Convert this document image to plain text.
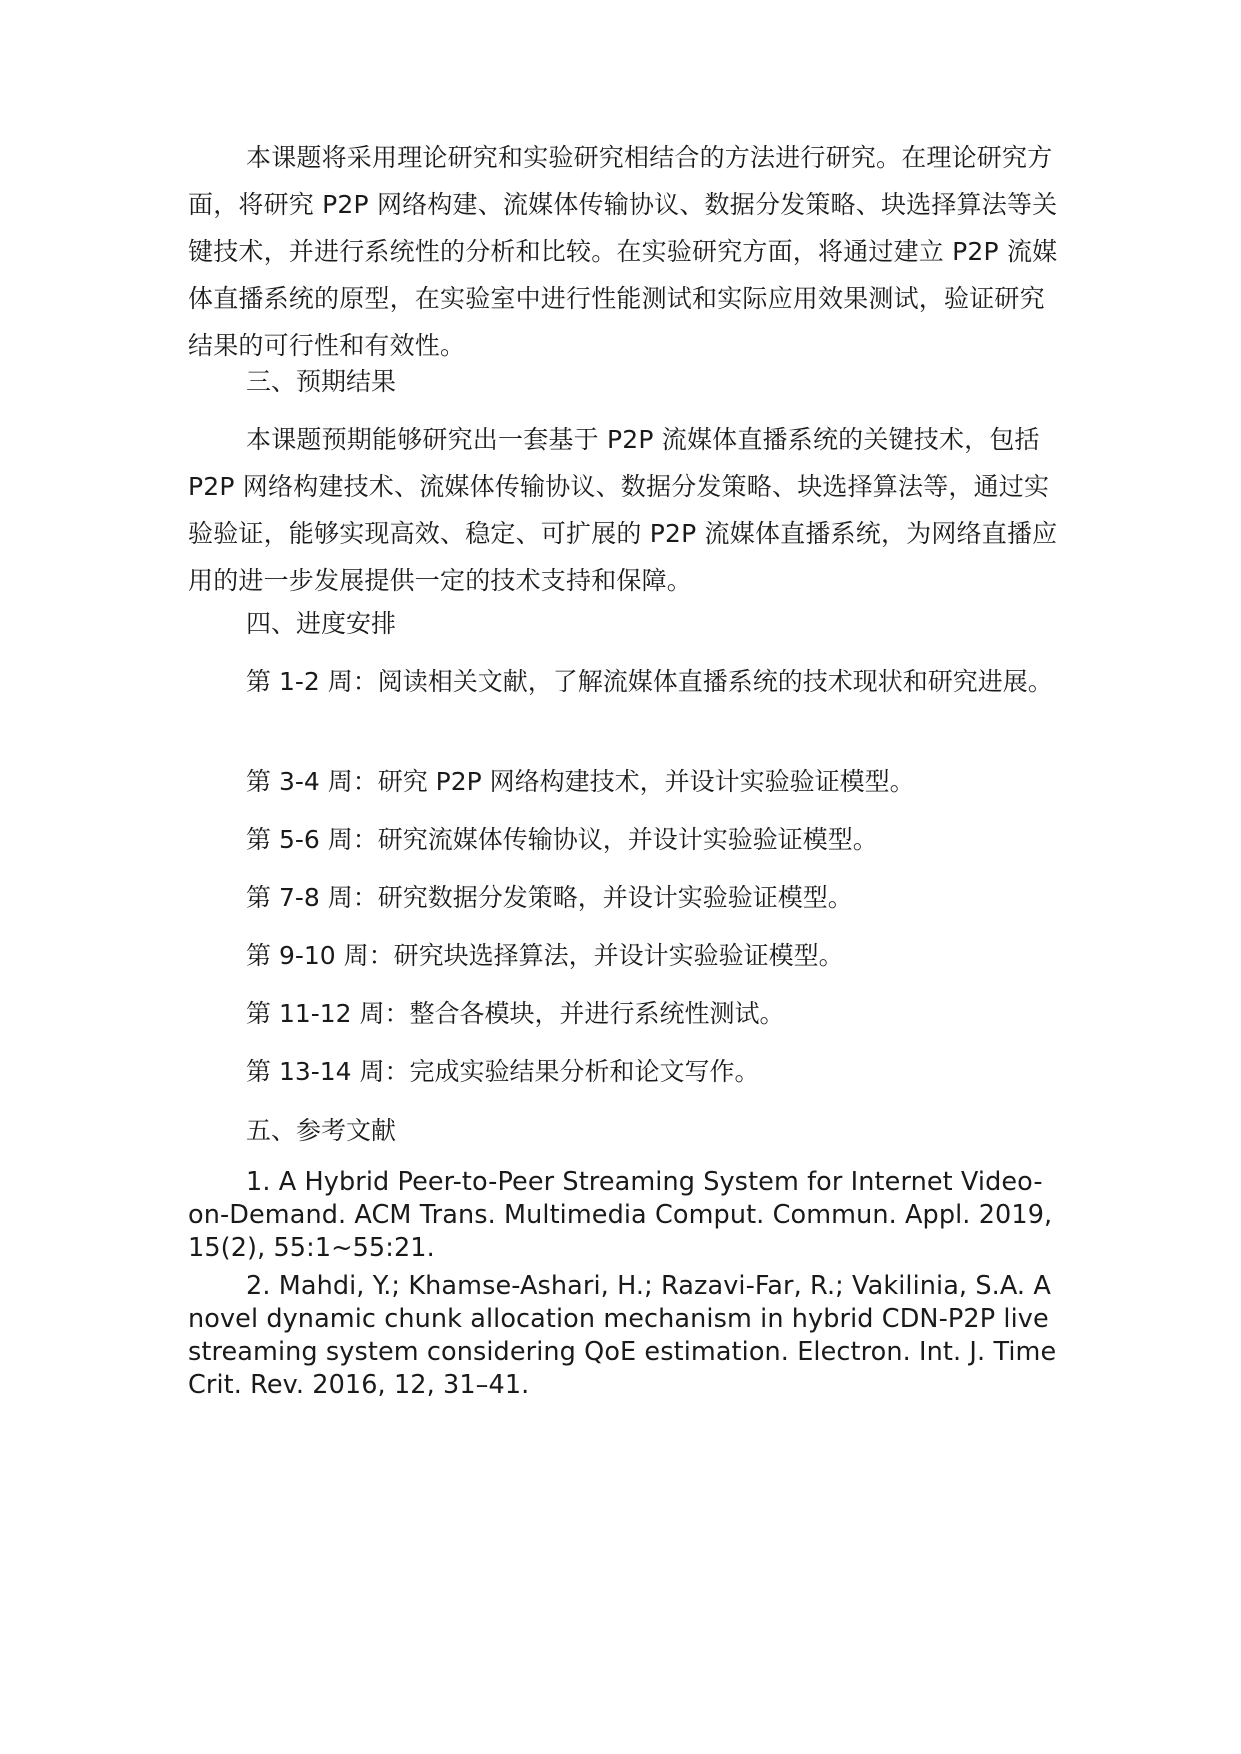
本课题将采用理论研究和实验研究相结合的方法进行研究。在理论研究方面，将研究 P2P 网络构建、流媒体传输协议、数据分发策略、块选择算法等关键技术，并进行系统性的分析和比较。在实验研究方面，将通过建立 P2P 流媒体直播系统的原型，在实验室中进行性能测试和实际应用效果测试，验证研究结果的可行性和有效性。

三、预期结果

本课题预期能够研究出一套基于 P2P 流媒体直播系统的关键技术，包括 P2P 网络构建技术、流媒体传输协议、数据分发策略、块选择算法等，通过实验验证，能够实现高效、稳定、可扩展的 P2P 流媒体直播系统，为网络直播应用的进一步发展提供一定的技术支持和保障。

四、进度安排

第 1-2 周：阅读相关文献，了解流媒体直播系统的技术现状和研究进展。

第 3-4 周：研究 P2P 网络构建技术，并设计实验验证模型。

第 5-6 周：研究流媒体传输协议，并设计实验验证模型。

第 7-8 周：研究数据分发策略，并设计实验验证模型。

第 9-10 周：研究块选择算法，并设计实验验证模型。

第 11-12 周：整合各模块，并进行系统性测试。

第 13-14 周：完成实验结果分析和论文写作。

五、参考文献

1. A Hybrid Peer-to-Peer Streaming System for Internet Video-on-Demand. ACM Trans. Multimedia Comput. Commun. Appl. 2019, 15(2), 55:1~55:21.

2. Mahdi, Y.; Khamse-Ashari, H.; Razavi-Far, R.; Vakilinia, S.A. A novel dynamic chunk allocation mechanism in hybrid CDN-P2P live streaming system considering QoE estimation. Electron. Int. J. Time Crit. Rev. 2016, 12, 31–41.
